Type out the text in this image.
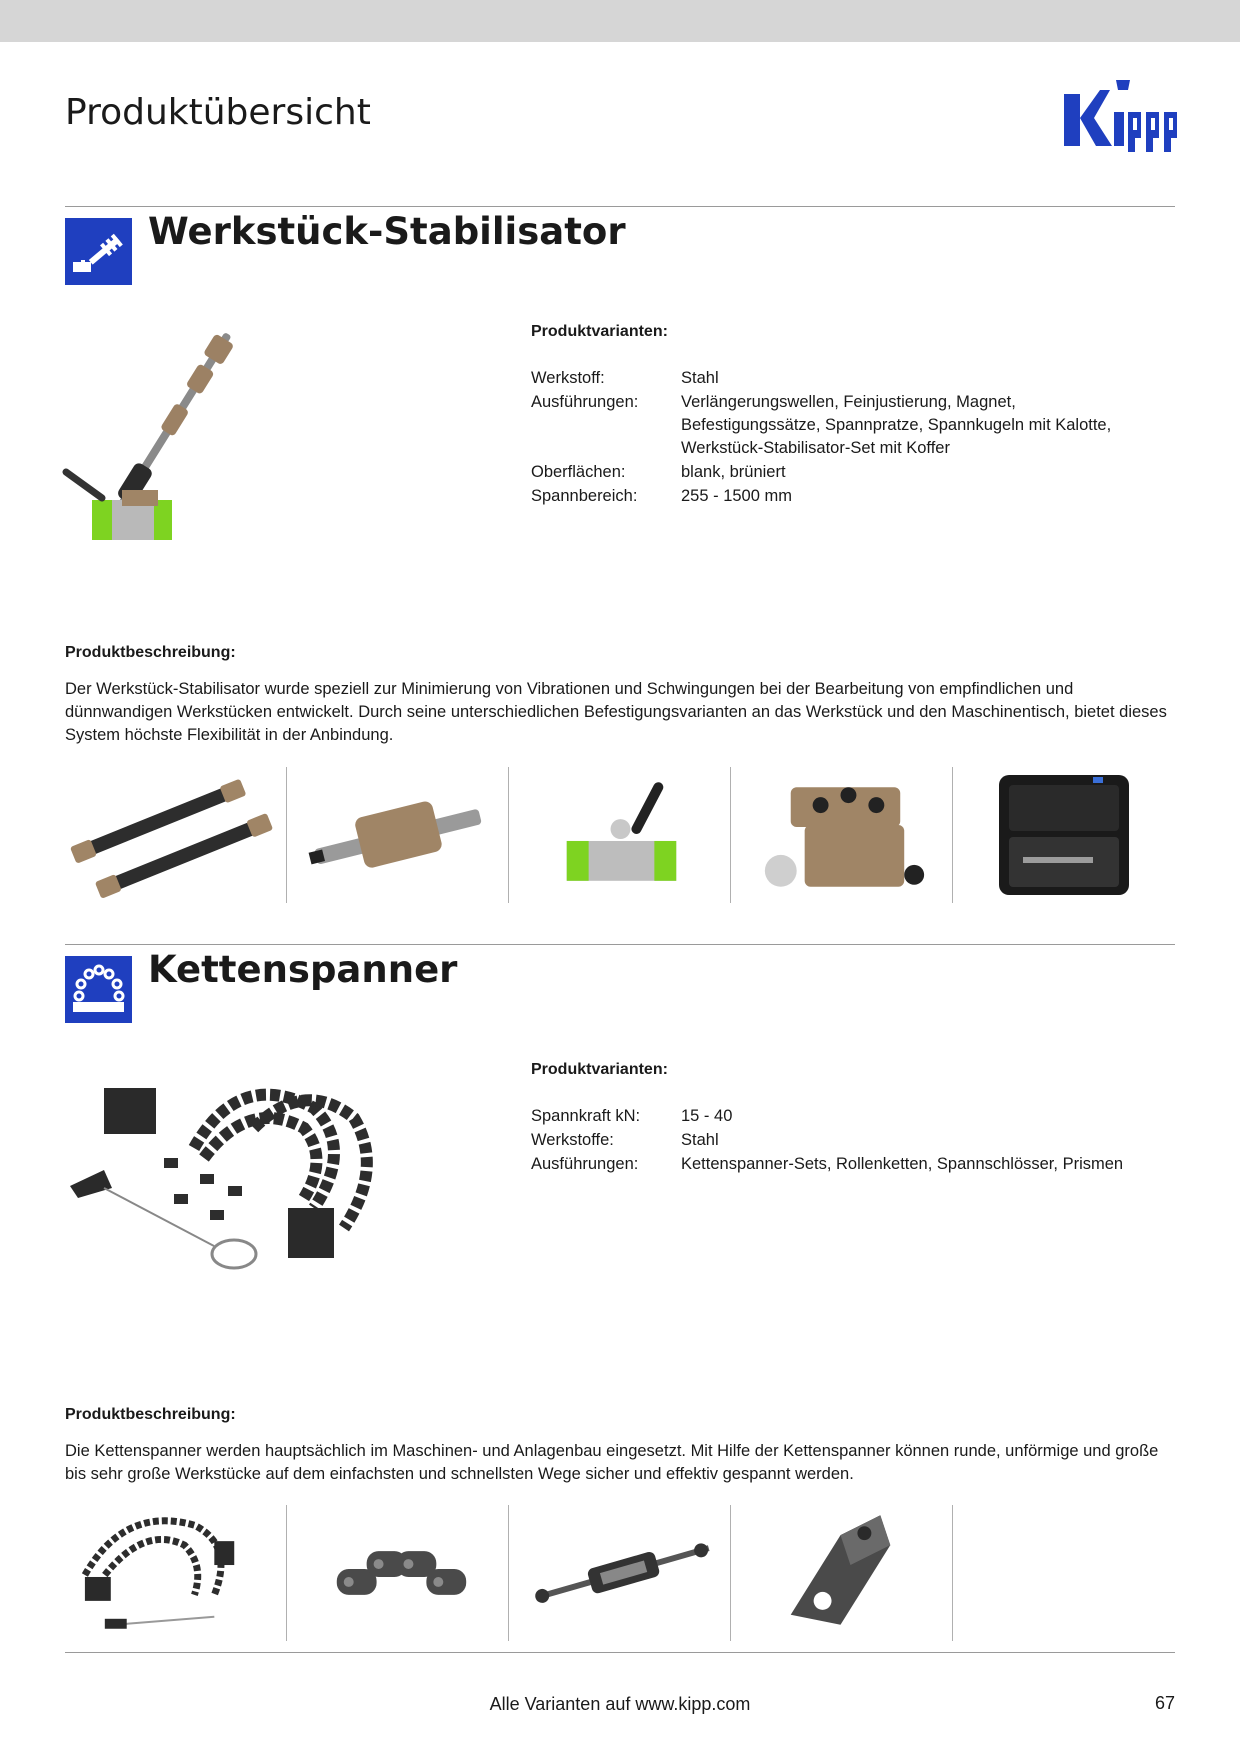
Produktübersicht
Werkstück-Stabilisator
Produktvarianten:
Werkstoff:	Stahl
Ausführungen:	Verlängerungswellen, Feinjustierung, Magnet, Befestigungssätze, Spannpratze, Spannkugeln mit Kalotte, Werkstück-Stabilisator-Set mit Koffer
Oberflächen:	blank, brüniert
Spannbereich:	255 - 1500 mm
Produktbeschreibung:
Der Werkstück-Stabilisator wurde speziell zur Minimierung von Vibrationen und Schwingungen bei der Bearbeitung von empfindlichen und dünnwandigen Werkstücken entwickelt. Durch seine unterschiedlichen Befestigungsvarianten an das Werkstück und den Maschinentisch, bietet dieses System höchste Flexibilität in der Anbindung.
Kettenspanner
Produktvarianten:
Spannkraft kN:	15 - 40
Werkstoffe:	Stahl
Ausführungen:	Kettenspanner-Sets, Rollenketten, Spannschlösser, Prismen
Produktbeschreibung:
Die Kettenspanner werden hauptsächlich im Maschinen- und Anlagenbau eingesetzt. Mit Hilfe der Kettenspanner können runde, unförmige und große bis sehr große Werkstücke auf dem einfachsten und schnellsten Wege sicher und effektiv gespannt werden.
Alle Varianten auf www.kipp.com	67
